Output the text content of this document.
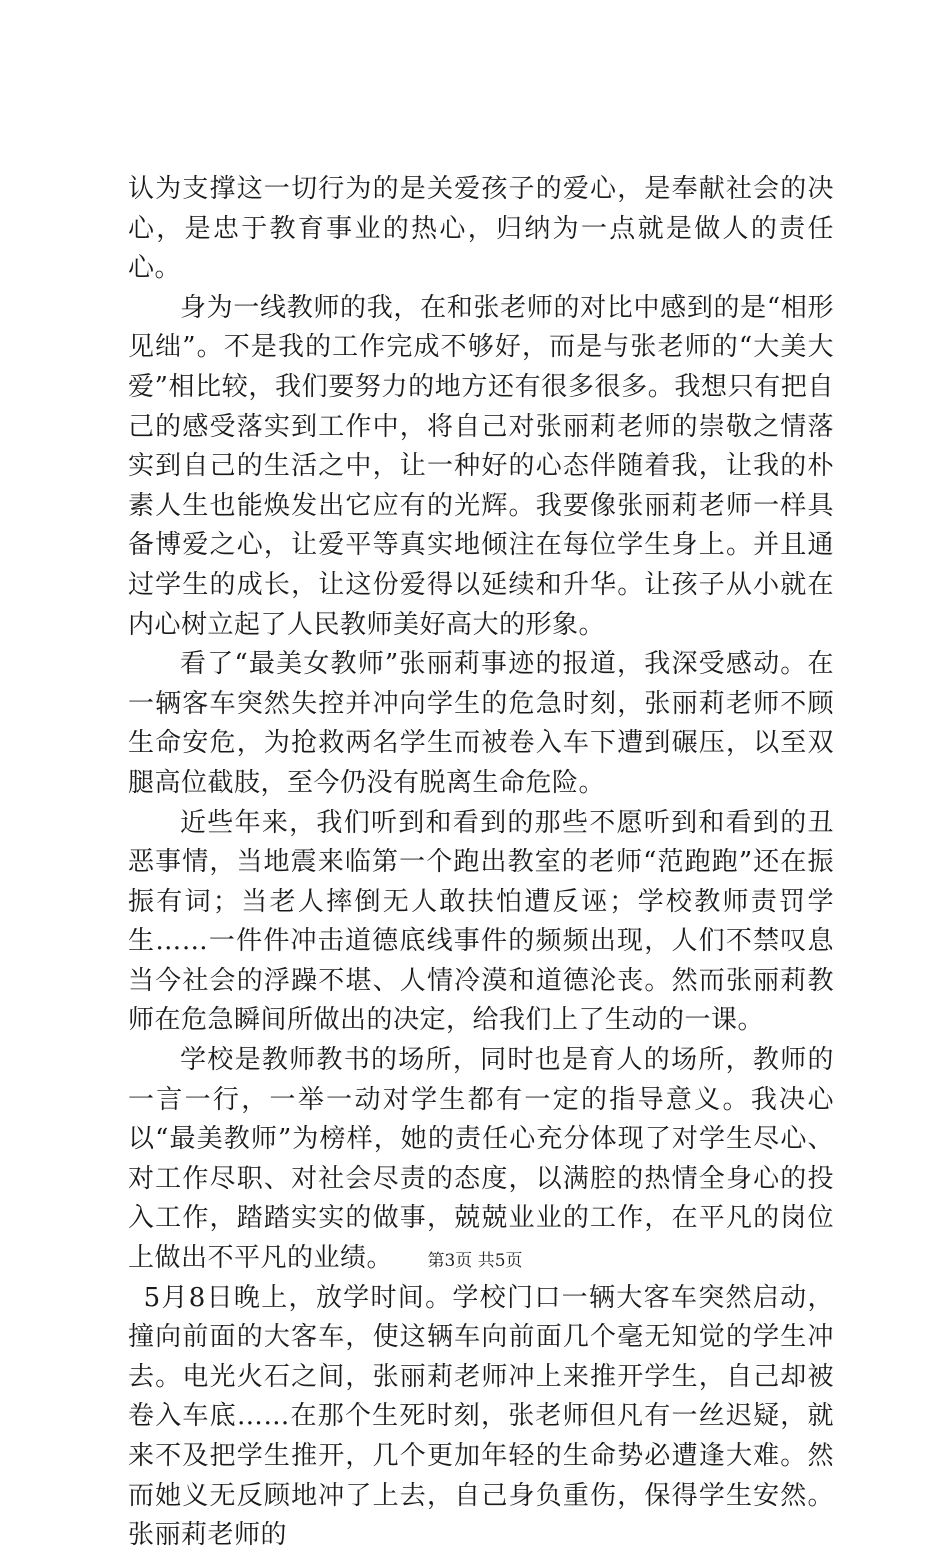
认为支撑这一切行为的是关爱孩子的爱心，是奉献社会的决心，是忠于教育事业的热心，归纳为一点就是做人的责任心。

身为一线教师的我，在和张老师的对比中感到的是“相形见绌”。不是我的工作完成不够好，而是与张老师的“大美大爱”相比较，我们要努力的地方还有很多很多。我想只有把自己的感受落实到工作中，将自己对张丽莉老师的崇敬之情落实到自己的生活之中，让一种好的心态伴随着我，让我的朴素人生也能焕发出它应有的光辉。我要像张丽莉老师一样具备博爱之心，让爱平等真实地倾注在每位学生身上。并且通过学生的成长，让这份爱得以延续和升华。让孩子从小就在内心树立起了人民教师美好高大的形象。

看了“最美女教师”张丽莉事迹的报道，我深受感动。在一辆客车突然失控并冲向学生的危急时刻，张丽莉老师不顾生命安危，为抢救两名学生而被卷入车下遭到碾压，以至双腿高位截肢，至今仍没有脱离生命危险。

近些年来，我们听到和看到的那些不愿听到和看到的丑恶事情，当地震来临第一个跑出教室的老师“范跑跑”还在振振有词；当老人摔倒无人敢扶怕遭反诬；学校教师责罚学生……一件件冲击道德底线事件的频频出现，人们不禁叹息当今社会的浮躁不堪、人情冷漠和道德沦丧。然而张丽莉教师在危急瞬间所做出的决定，给我们上了生动的一课。

学校是教师教书的场所，同时也是育人的场所，教师的一言一行，一举一动对学生都有一定的指导意义。我决心以“最美教师”为榜样，她的责任心充分体现了对学生尽心、对工作尽职、对社会尽责的态度，以满腔的热情全身心的投入工作，踏踏实实的做事，兢兢业业的工作，在平凡的岗位上做出不平凡的业绩。

5月8日晚上，放学时间。学校门口一辆大客车突然启动，撞向前面的大客车，使这辆车向前面几个毫无知觉的学生冲去。电光火石之间，张丽莉老师冲上来推开学生，自己却被卷入车底……在那个生死时刻，张老师但凡有一丝迟疑，就来不及把学生推开，几个更加年轻的生命势必遭逢大难。然而她义无反顾地冲了上去，自己身负重伤，保得学生安然。张丽莉老师的

第3页 共5页
